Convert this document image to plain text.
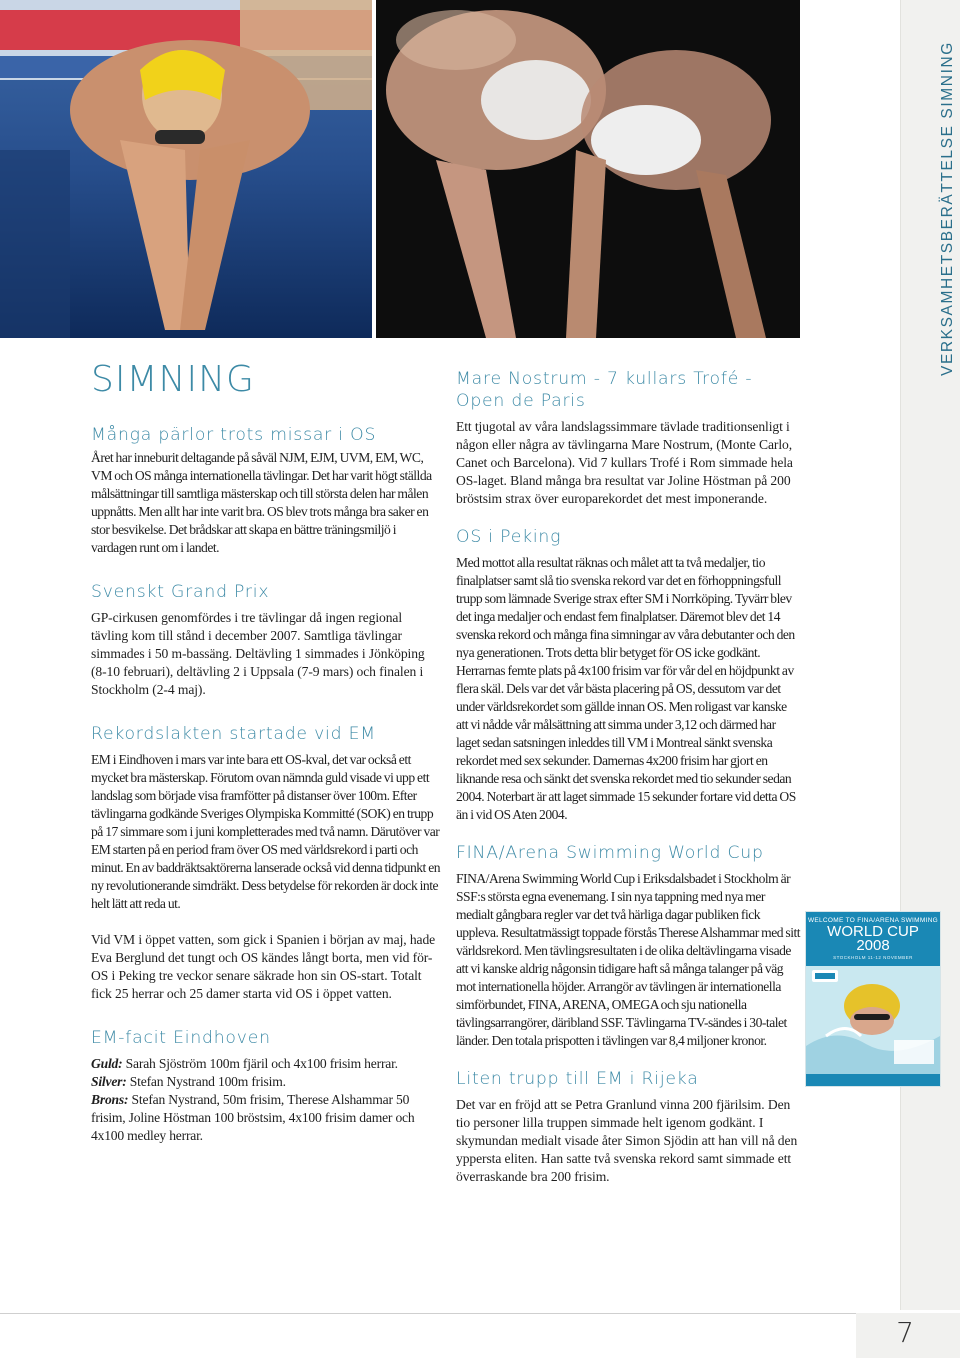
VERKSAMHETSBERÄTTELSE SIMNING
SIMNING
Många pärlor trots missar i OS

Året har inneburit deltagande på såväl NJM, EJM, UVM, EM, WC, VM och OS många internationella tävlingar. Det har varit högt ställda målsättningar till samtliga mästerskap och till största delen har målen uppnåtts. Men allt har inte varit bra. OS blev trots många bra saker en stor besvikelse. Det brådskar att skapa en bättre träningsmiljö i vardagen runt om i landet.

Svenskt Grand Prix

GP-cirkusen genomfördes i tre tävlingar då ingen regional tävling kom till stånd i december 2007. Samtliga tävlingar simmades i 50 m-bassäng. Deltävling 1 simmades i Jönköping (8-10 februari), deltävling 2 i Uppsala (7-9 mars) och finalen i Stockholm (2-4 maj).

Rekordslakten startade vid EM

EM i Eindhoven i mars var inte bara ett OS-kval, det var också ett mycket bra mästerskap. Förutom ovan nämnda guld visade vi upp ett landslag som började visa framfötter på distanser över 100m. Efter tävlingarna godkände Sveriges Olympiska Kommitté (SOK) en trupp på 17 simmare som i juni kompletterades med två namn. Därutöver var EM starten på en period fram över OS med världsrekord i parti och minut. En av baddräktsaktörerna lanserade också vid denna tidpunkt en ny revolutionerande simdräkt. Dess betydelse för rekorden är dock inte helt lätt att reda ut.

Vid VM i öppet vatten, som gick i Spanien i början av maj, hade Eva Berglund det tungt och OS kändes långt borta, men vid för-OS i Peking tre veckor senare säkrade hon sin OS-start. Totalt fick 25 herrar och 25 damer starta vid OS i öppet vatten.

EM-facit Eindhoven

Guld: Sarah Sjöström 100m fjäril och 4x100 frisim herrar.

Silver: Stefan Nystrand 100m frisim.

Brons: Stefan Nystrand, 50m frisim, Therese Alshammar 50 frisim, Joline Höstman 100 bröstsim, 4x100 frisim damer och 4x100 medley herrar.

Mare Nostrum - 7 kullars Trofé - Open de Paris

Ett tjugotal av våra landslagssimmare tävlade traditionsenligt i någon eller några av tävlingarna Mare Nostrum, (Monte Carlo, Canet och Barcelona). Vid 7 kullars Trofé i Rom simmade hela OS-laget. Bland många bra resultat var Joline Höstman på 200 bröstsim strax över europarekordet det mest imponerande.

OS i Peking

Med mottot alla resultat räknas och målet att ta två medaljer, tio finalplatser samt slå tio svenska rekord var det en förhoppningsfull trupp som lämnade Sverige strax efter SM i Norrköping. Tyvärr blev det inga medaljer och endast fem finalplatser. Däremot blev det 14 svenska rekord och många fina simningar av våra debutanter och den nya generationen. Trots detta blir betyget för OS icke godkänt. Herrarnas femte plats på 4x100 frisim var för vår del en höjdpunkt av flera skäl. Dels var det vår bästa placering på OS, dessutom var det under världsrekordet som gällde innan OS. Men roligast var kanske att vi nådde vår målsättning att simma under 3,12 och därmed har laget sedan satsningen inleddes till VM i Montreal sänkt svenska rekordet med sex sekunder. Damernas 4x200 frisim har gjort en liknande resa och sänkt det svenska rekordet med tio sekunder sedan 2004. Noterbart är att laget simmade 15 sekunder fortare vid detta OS än i vid OS Aten 2004.

FINA/Arena Swimming World Cup

FINA/Arena Swimming World Cup i Eriksdalsbadet i Stockholm är SSF:s största egna evenemang. I sin nya tappning med nya mer medialt gångbara regler var det två härliga dagar publiken fick uppleva. Resultatmässigt toppade förstås Therese Alshammar med sitt världsrekord. Men tävlingsresultaten i de olika deltävlingarna visade att vi kanske aldrig någonsin tidigare haft så många talanger på väg mot internationella höjder. Arrangör av tävlingen är internationella simförbundet, FINA, ARENA, OMEGA och sju nationella tävlingsarrangörer, däribland SSF. Tävlingarna TV-sändes i 30-talet länder. Den totala prispotten i tävlingen var 8,4 miljoner kronor.

Liten trupp till EM i Rijeka

Det var en fröjd att se Petra Granlund vinna 200 fjärilsim. Den tio personer lilla truppen simmade helt igenom godkänt. I skymundan medialt visade åter Simon Sjödin att han vill nå den yppersta eliten. Han satte två svenska rekord samt simmade ett överraskande bra 200 frisim.

WELCOME TO FINA/ARENA SWIMMING
WORLD CUP
2008
STOCKHOLM 11-12 NOVEMBER
7
